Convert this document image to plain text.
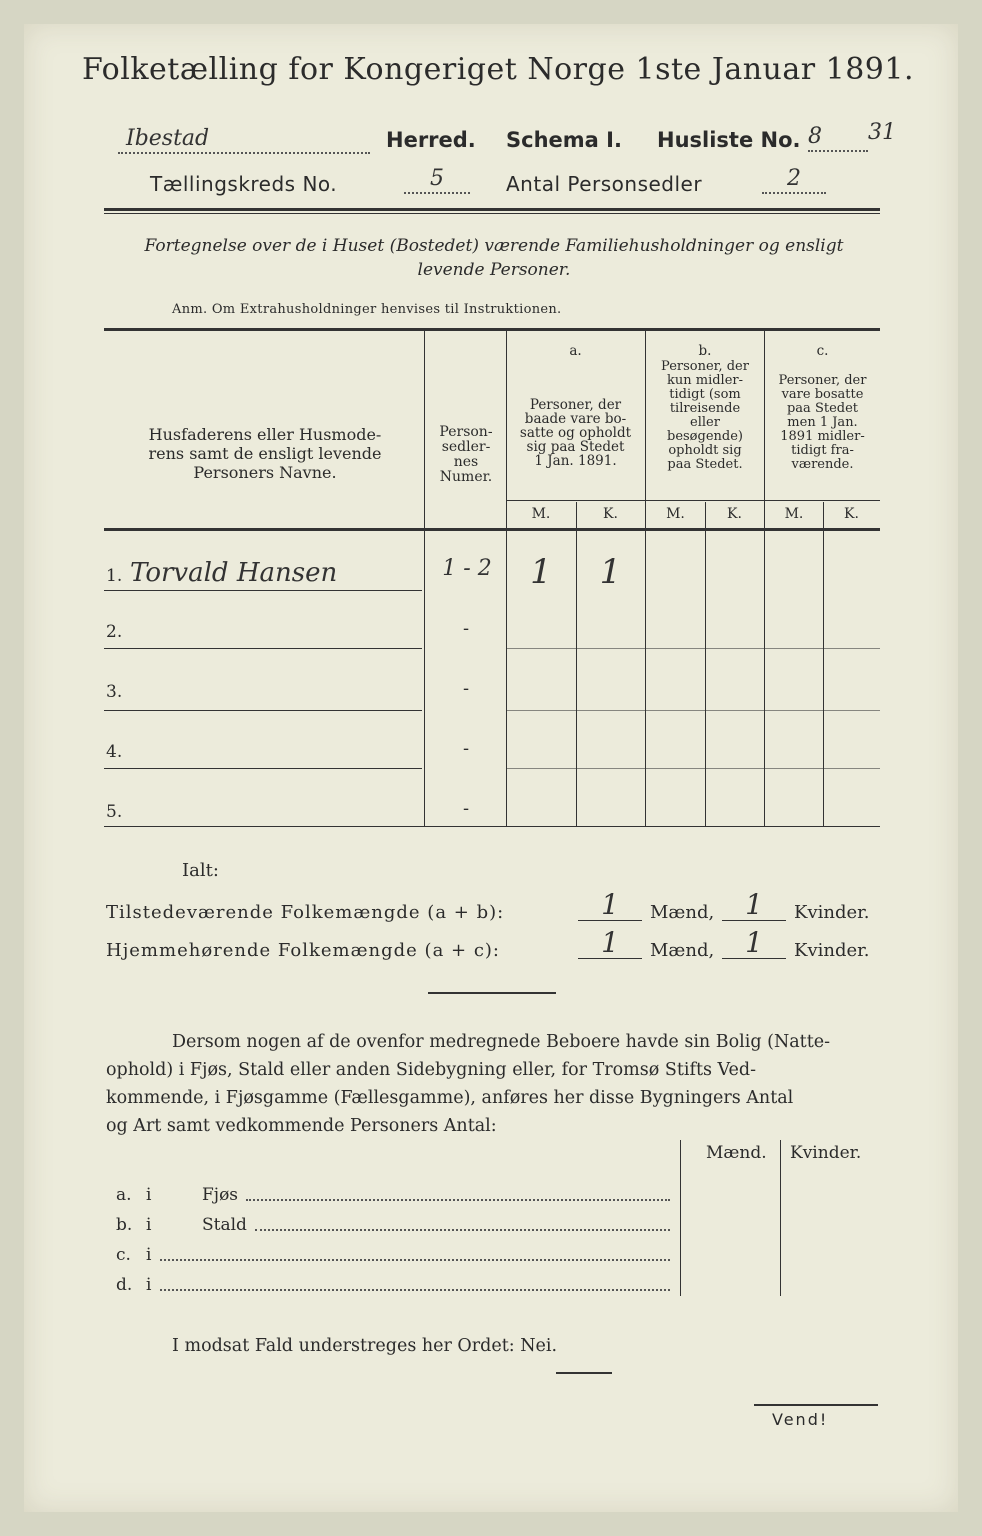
Folketælling for Kongeriget Norge 1ste Januar 1891.
Ibestad	Herred. Schema I. Husliste No. 8	31
Tællingskreds No.	5	Antal Personsedler	2
Fortegnelse over de i Huset (Bostedet) værende Familiehusholdninger og ensligt
levende Personer.
Anm. Om Extrahusholdninger henvises til Instruktionen.
Husfaderens eller Husmode-
rens samt de ensligt levende
Personers Navne.
Person-
sedler-
nes
Numer.
a.
Personer, der
baade vare bo-
satte og opholdt
sig paa Stedet
1 Jan. 1891.
b.
Personer, der
kun midler-
tidigt (som
tilreisende
eller
besøgende)
opholdt sig
paa Stedet.
c.
Personer, der
vare bosatte
paa Stedet
men 1 Jan.
1891 midler-
tidigt fra-
værende.
M.	K.	M.	K.	M.	K.
1. Torvald Hansen	1 - 2	1	1
2.	-
3.	-
4.	-
5.	-
Ialt:
Tilstedeværende Folkemængde (a + b):	1	Mænd,	1	Kvinder.
Hjemmehørende Folkemængde (a + c):	1	Mænd,	1	Kvinder.
Dersom nogen af de ovenfor medregnede Beboere havde sin Bolig (Natte-
ophold) i Fjøs, Stald eller anden Sidebygning eller, for Tromsø Stifts Ved-
kommende, i Fjøsgamme (Fællesgamme), anføres her disse Bygningers Antal
og Art samt vedkommende Personers Antal:
Mænd. Kvinder.
a. i	Fjøs
b. i	Stald
c. i
d. i
I modsat Fald understreges her Ordet: Nei.
Vend!
